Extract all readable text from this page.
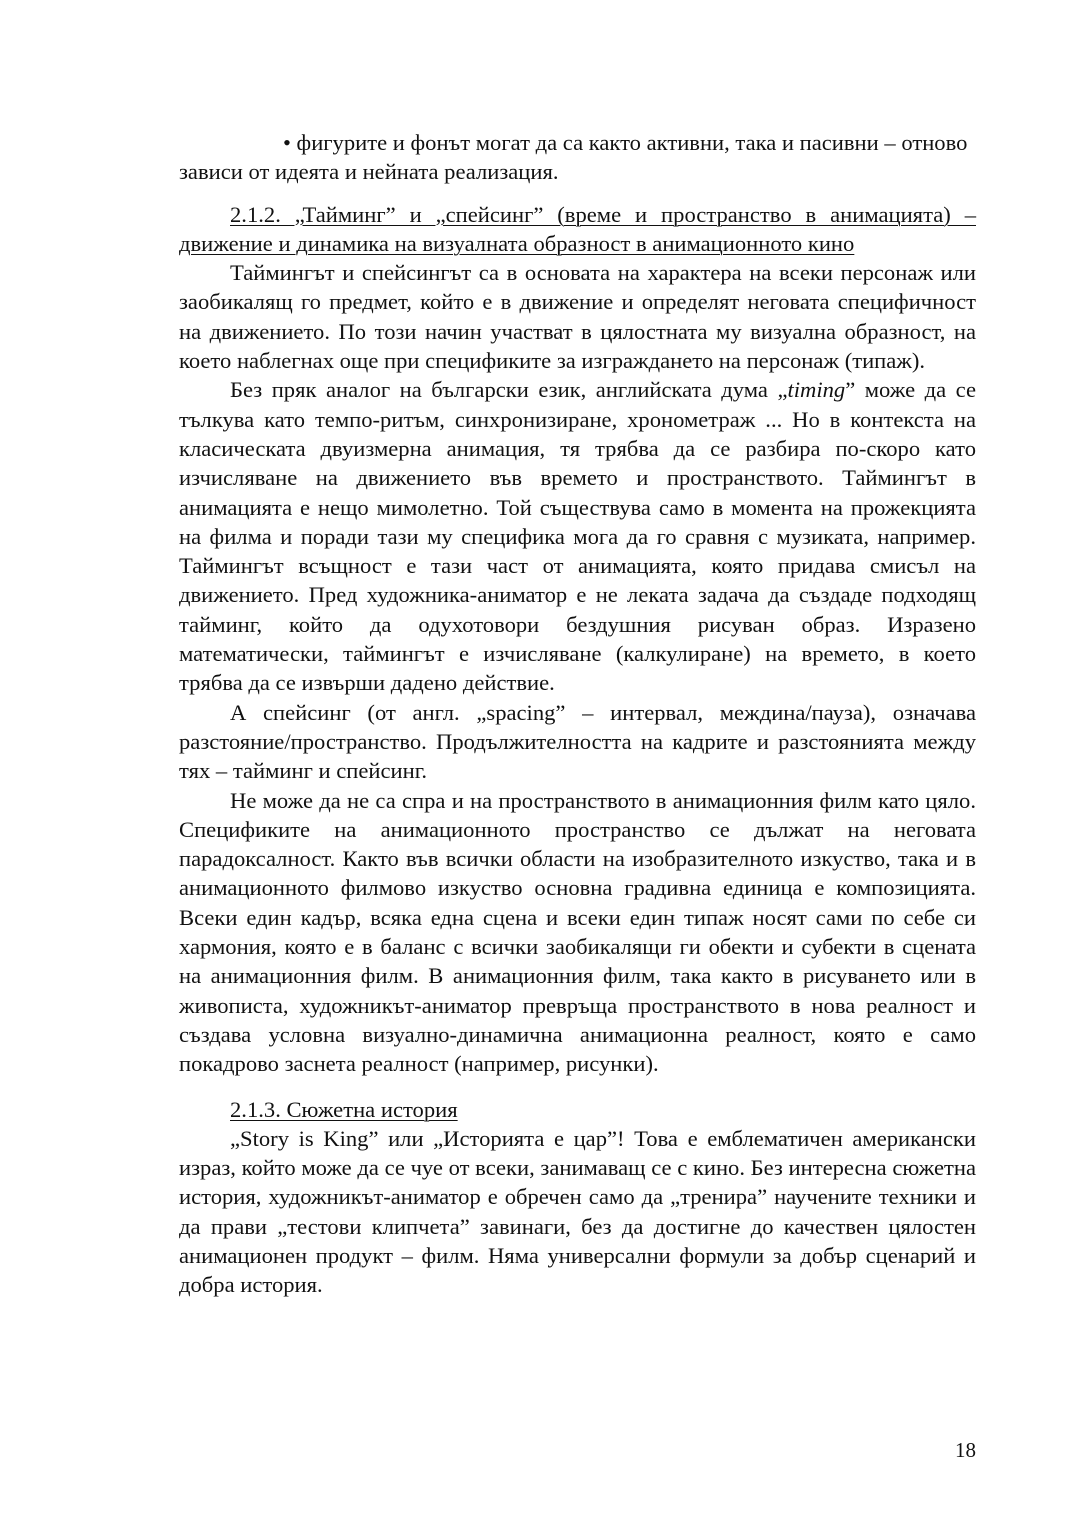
• фигурите и фонът могат да са както активни, така и пасивни – отново зависи от идеята и нейната реализация.

2.1.2. „Тайминг” и „спейсинг” (време и пространство в анимацията) – движение и динамика на визуалната образност в анимационното кино

Таймингът и спейсингът са в основата на характера на всеки персонаж или заобикалящ го предмет, който е в движение и определят неговата специфичност на движението. По този начин участват в цялостната му визуална образност, на което наблегнах още при спецификите за изграждането на персонаж (типаж).

Без пряк аналог на български език, английската дума „timing” може да се тълкува като темпо-ритъм, синхронизиране, хронометраж ... Но в контекста на класическата двуизмерна анимация, тя трябва да се разбира по-скоро като изчисляване на движението във времето и пространството. Таймингът в анимацията е нещо мимолетно. Той съществува само в момента на прожекцията на филма и поради тази му специфика мога да го сравня с музиката, например. Таймингът всъщност е тази част от анимацията, която придава смисъл на движението. Пред художника-аниматор е не леката задача да създаде подходящ тайминг, който да одухотовори бездушния рисуван образ. Изразено математически, таймингът е изчисляване (калкулиране) на времето, в което трябва да се извърши дадено действие.

А спейсинг (от англ. „spacing” – интервал, междина/пауза), означава разстояние/пространство. Продължителността на кадрите и разстоянията между тях – тайминг и спейсинг.

Не може да не са спра и на пространството в анимационния филм като цяло. Спецификите на анимационното пространство се дължат на неговата парадоксалност. Както във всички области на изобразителното изкуство, така и в анимационното филмово изкуство основна градивна единица е композицията. Всеки един кадър, всяка една сцена и всеки един типаж носят сами по себе си хармония, която е в баланс с всички заобикалящи ги обекти и субекти в сцената на анимационния филм. В анимационния филм, така както в рисуването или в живописта, художникът-аниматор превръща пространството в нова реалност и създава условна визуално-динамична анимационна реалност, която е само покадрово заснета реалност (например, рисунки).

2.1.3. Сюжетна история

„Story is King” или „Историята е цар”! Това е емблематичен американски израз, който може да се чуе от всеки, занимаващ се с кино. Без интересна сюжетна история, художникът-аниматор е обречен само да „тренира” научените техники и да прави „тестови клипчета” завинаги, без да достигне до качествен цялостен анимационен продукт – филм. Няма универсални формули за добър сценарий и добра история.

18
